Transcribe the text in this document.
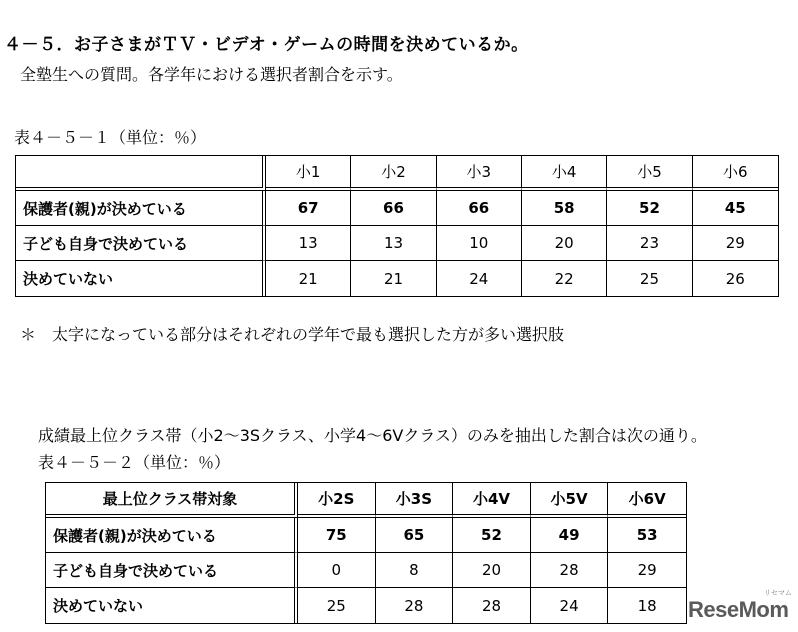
４－５．お子さまがＴＶ・ビデオ・ゲームの時間を決めているか。
全塾生への質問。各学年における選択者割合を示す。
表４－５－１（単位：％）
	小1	小2	小3	小4	小5	小6
保護者(親)が決めている	67	66	66	58	52	45
子ども自身で決めている	13	13	10	20	23	29
決めていない	21	21	24	22	25	26
＊　太字になっている部分はそれぞれの学年で最も選択した方が多い選択肢
成績最上位クラス帯（小2〜3Sクラス、小学4〜6Vクラス）のみを抽出した割合は次の通り。
表４－５－２（単位：％）
最上位クラス帯対象	小2S	小3S	小4V	小5V	小6V
保護者(親)が決めている	75	65	52	49	53
子ども自身で決めている	0	8	20	28	29
決めていない	25	28	28	24	18
リセマム
ReseMom
